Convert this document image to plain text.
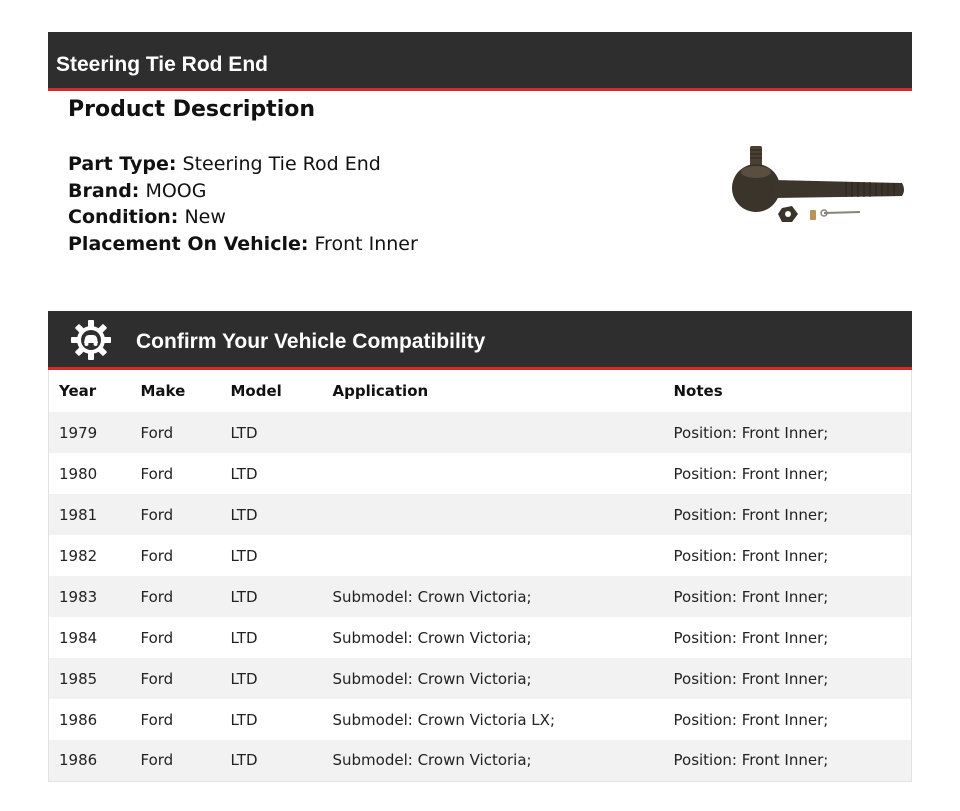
Steering Tie Rod End
Product Description
Part Type: Steering Tie Rod End
Brand: MOOG
Condition: New
Placement On Vehicle: Front Inner
Confirm Your Vehicle Compatibility
Year	Make	Model	Application	Notes
1979	Ford	LTD		Position: Front Inner;
1980	Ford	LTD		Position: Front Inner;
1981	Ford	LTD		Position: Front Inner;
1982	Ford	LTD		Position: Front Inner;
1983	Ford	LTD	Submodel: Crown Victoria;	Position: Front Inner;
1984	Ford	LTD	Submodel: Crown Victoria;	Position: Front Inner;
1985	Ford	LTD	Submodel: Crown Victoria;	Position: Front Inner;
1986	Ford	LTD	Submodel: Crown Victoria LX;	Position: Front Inner;
1986	Ford	LTD	Submodel: Crown Victoria;	Position: Front Inner;
